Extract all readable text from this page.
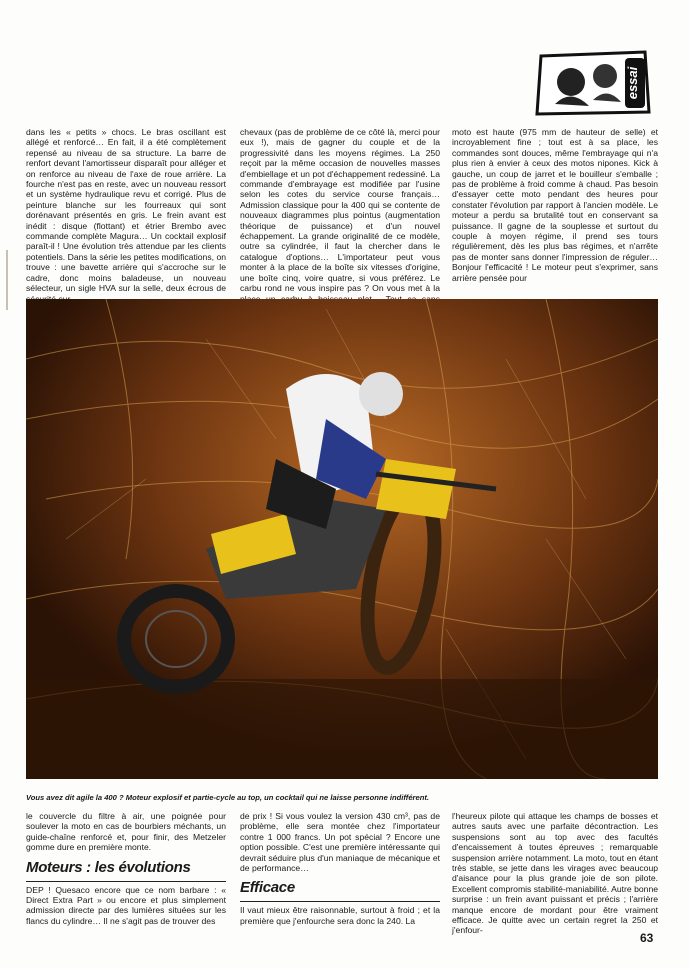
essai

dans les « petits » chocs. Le bras oscillant est allégé et renforcé… En fait, il a été complètement repensé au niveau de sa structure. La barre de renfort devant l'amortisseur disparaît pour alléger et on renforce au niveau de l'axe de roue arrière. La fourche n'est pas en reste, avec un nouveau ressort et un système hydraulique revu et corrigé. Plus de peinture blanche sur les fourreaux qui sont dorénavant présentés en gris. Le frein avant est inédit : disque (flottant) et étrier Brembo avec commande complète Magura… Un cocktail explosif paraît-il ! Une évolution très attendue par les clients potentiels. Dans la série les petites modifications, on trouve : une bavette arrière qui s'accroche sur le cadre, donc moins baladeuse, un nouveau sélecteur, un sigle HVA sur la selle, deux écrous de

chevaux (pas de problème de ce côté là, merci pour eux !), mais de gagner du couple et de la progressivité dans les moyens régimes. La 250 reçoit par la même occasion de nouvelles masses d'embiellage et un pot d'échappement redessiné. La commande d'embrayage est modifiée par l'usine selon les cotes du service course français… Admission classique pour la 400 qui se contente de nouveaux diagrammes plus pointus (augmentation théorique de puissance) et d'un nouvel échappement. La grande originalité de ce modèle, outre sa cylindrée, il faut la chercher dans le catalogue d'options… L'importateur peut vous monter à la place de la boîte six vitesses d'origine, une boîte cinq, voire quatre, si vous préférez. Le carbu rond ne vous inspire pas ? On vous met à la

moto est haute (975 mm de hauteur de selle) et incroyablement fine ; tout est à sa place, les commandes sont douces, même l'embrayage qui n'a plus rien à envier à ceux des motos nipones. Kick à gauche, un coup de jarret et le bouilleur s'emballe ; pas de problème à froid comme à chaud. Pas besoin d'essayer cette moto pendant des heures pour constater l'évolution par rapport à l'ancien modèle. Le moteur a perdu sa brutalité tout en conservant sa puissance. Il gagne de la souplesse et surtout du couple à moyen régime, il prend ses tours régulièrement, dès les plus bas régimes, et n'arrête pas de monter sans donner l'impression de réguler… Bonjour l'efficacité ! Le moteur peut s'exprimer, sans arrière pensée pour

Vous avez dit agile la 400 ? Moteur explosif et partie-cycle au top, un cocktail qui ne laisse personne indifférent.

le couvercle du filtre à air, une poignée pour soulever la moto en cas de bourbiers méchants, un guide-chaîne renforcé et, pour finir, des Metzeler gomme dure en première monte.

Moteurs : les évolutions

DEP ! Quesaco encore que ce nom barbare : « Direct Extra Part » ou encore et plus simplement admission directe par des lumières situées sur les flancs du cylindre… Il ne s'agit pas de trouver des

de prix ! Si vous voulez la version 430 cm³, pas de problème, elle sera montée chez l'importateur contre 1 000 francs. Un pot spécial ? Encore une option possible. C'est une première intéressante qui devrait séduire plus d'un maniaque de mécanique et de performance…

Efficace

Il vaut mieux être raisonnable, surtout à froid ; et la première que j'enfourche sera donc la 240. La

l'heureux pilote qui attaque les champs de bosses et autres sauts avec une parfaite décontraction. Les suspensions sont au top avec des facultés d'encaissement à toutes épreuves ; remarquable suspension arrière notamment. La moto, tout en étant très stable, se jette dans les virages avec beaucoup d'aisance pour la plus grande joie de son pilote. Excellent compromis stabilité-maniabilité. Autre bonne surprise : un frein avant puissant et précis ; l'arrière manque encore de mordant pour être vraiment efficace. Je quitte avec un certain regret la 250 et j'enfour-

63
